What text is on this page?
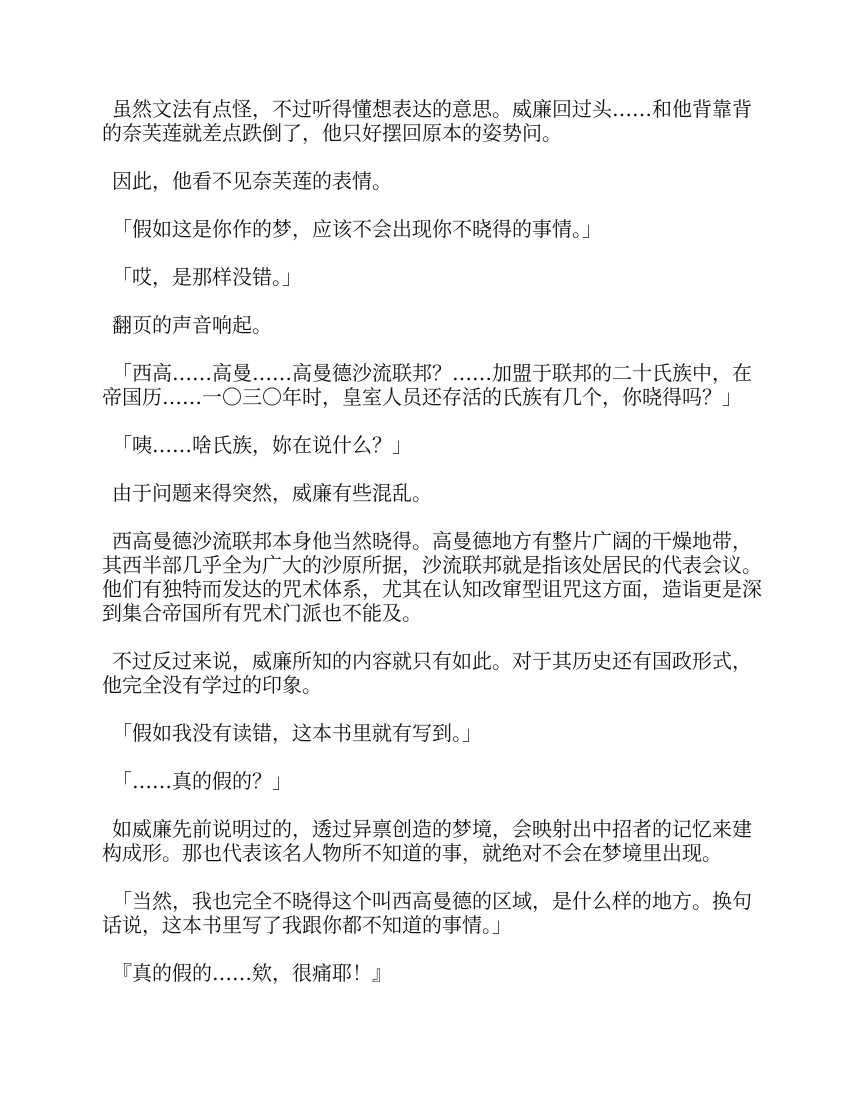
虽然文法有点怪，不过听得懂想表达的意思。威廉回过头……和他背靠背的奈芙莲就差点跌倒了，他只好摆回原本的姿势问。

因此，他看不见奈芙莲的表情。

「假如这是你作的梦，应该不会出现你不晓得的事情。」

「哎，是那样没错。」

翻页的声音响起。

「西高……高曼……高曼德沙流联邦？……加盟于联邦的二十氏族中，在帝国历……一〇三〇年时，皇室人员还存活的氏族有几个，你晓得吗？」

「咦……啥氏族，妳在说什么？」

由于问题来得突然，威廉有些混乱。

西高曼德沙流联邦本身他当然晓得。高曼德地方有整片广阔的干燥地带，其西半部几乎全为广大的沙原所据，沙流联邦就是指该处居民的代表会议。他们有独特而发达的咒术体系，尤其在认知改窜型诅咒这方面，造诣更是深到集合帝国所有咒术门派也不能及。

不过反过来说，威廉所知的内容就只有如此。对于其历史还有国政形式，他完全没有学过的印象。

「假如我没有读错，这本书里就有写到。」

「……真的假的？」

如威廉先前说明过的，透过异禀创造的梦境，会映射出中招者的记忆来建构成形。那也代表该名人物所不知道的事，就绝对不会在梦境里出现。

「当然，我也完全不晓得这个叫西高曼德的区域，是什么样的地方。换句话说，这本书里写了我跟你都不知道的事情。」

『真的假的……欸，很痛耶！』
